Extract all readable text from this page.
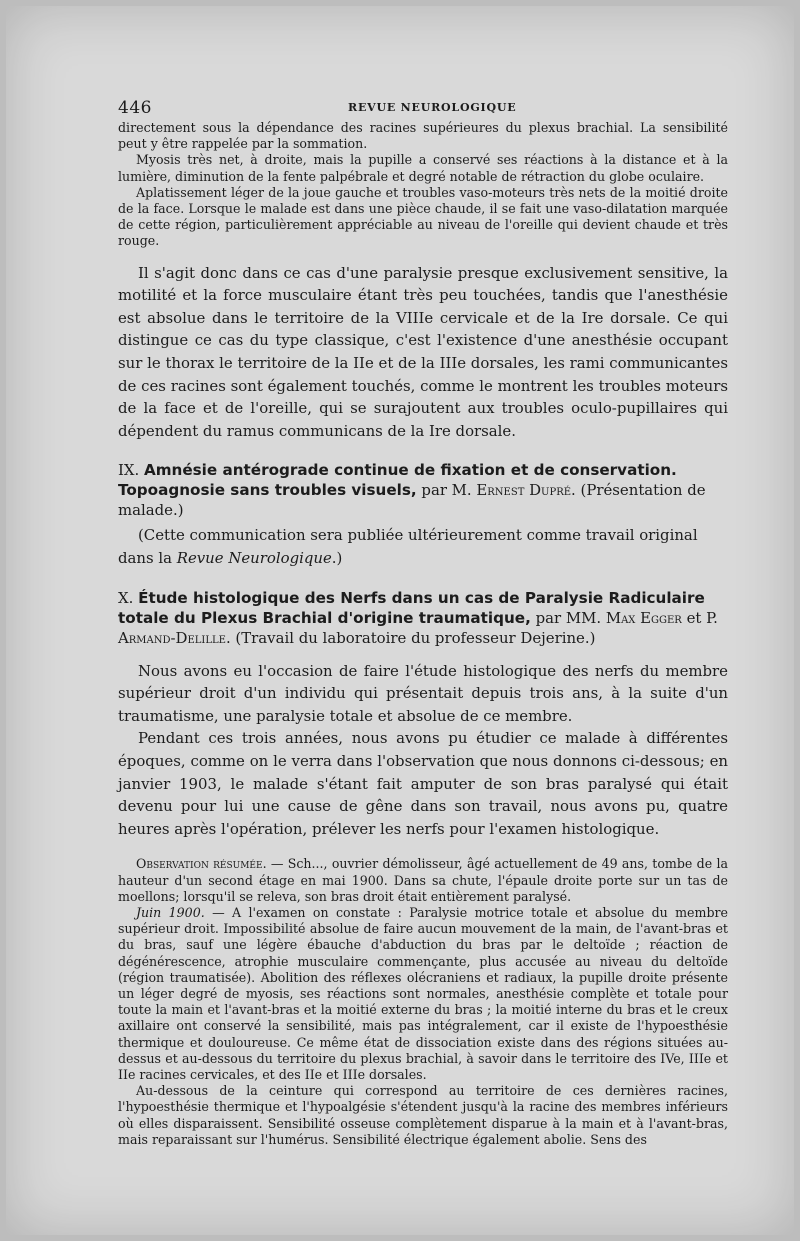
446	REVUE NEUROLOGIQUE

directement sous la dépendance des racines supérieures du plexus brachial. La sensibilité peut y être rappelée par la sommation.

Myosis très net, à droite, mais la pupille a conservé ses réactions à la distance et à la lumière, diminution de la fente palpébrale et degré notable de rétraction du globe oculaire.

Aplatissement léger de la joue gauche et troubles vaso-moteurs très nets de la moitié droite de la face. Lorsque le malade est dans une pièce chaude, il se fait une vaso-dilatation marquée de cette région, particulièrement appréciable au niveau de l'oreille qui devient chaude et très rouge.

Il s'agit donc dans ce cas d'une paralysie presque exclusivement sensitive, la motilité et la force musculaire étant très peu touchées, tandis que l'anesthésie est absolue dans le territoire de la VIIIe cervicale et de la Ire dorsale. Ce qui distingue ce cas du type classique, c'est l'existence d'une anesthésie occupant sur le thorax le territoire de la IIe et de la IIIe dorsales, les rami communicantes de ces racines sont également touchés, comme le montrent les troubles moteurs de la face et de l'oreille, qui se surajoutent aux troubles oculo-pupillaires qui dépendent du ramus communicans de la Ire dorsale.

IX. Amnésie antérograde continue de fixation et de conservation. Topoagnosie sans troubles visuels, par M. Ernest Dupré. (Présentation de malade.)

(Cette communication sera publiée ultérieurement comme travail original dans la Revue Neurologique.)

X. Étude histologique des Nerfs dans un cas de Paralysie Radiculaire totale du Plexus Brachial d'origine traumatique, par MM. Max Egger et P. Armand-Delille. (Travail du laboratoire du professeur Dejerine.)

Nous avons eu l'occasion de faire l'étude histologique des nerfs du membre supérieur droit d'un individu qui présentait depuis trois ans, à la suite d'un traumatisme, une paralysie totale et absolue de ce membre.

Pendant ces trois années, nous avons pu étudier ce malade à différentes époques, comme on le verra dans l'observation que nous donnons ci-dessous; en janvier 1903, le malade s'étant fait amputer de son bras paralysé qui était devenu pour lui une cause de gêne dans son travail, nous avons pu, quatre heures après l'opération, prélever les nerfs pour l'examen histologique.

Observation résumée. — Sch..., ouvrier démolisseur, âgé actuellement de 49 ans, tombe de la hauteur d'un second étage en mai 1900. Dans sa chute, l'épaule droite porte sur un tas de moellons; lorsqu'il se releva, son bras droit était entièrement paralysé.

Juin 1900. — A l'examen on constate : Paralysie motrice totale et absolue du membre supérieur droit. Impossibilité absolue de faire aucun mouvement de la main, de l'avant-bras et du bras, sauf une légère ébauche d'abduction du bras par le deltoïde ; réaction de dégénérescence, atrophie musculaire commençante, plus accusée au niveau du deltoïde (région traumatisée). Abolition des réflexes olécraniens et radiaux, la pupille droite présente un léger degré de myosis, ses réactions sont normales, anesthésie complète et totale pour toute la main et l'avant-bras et la moitié externe du bras ; la moitié interne du bras et le creux axillaire ont conservé la sensibilité, mais pas intégralement, car il existe de l'hypoesthésie thermique et douloureuse. Ce même état de dissociation existe dans des régions situées au-dessus et au-dessous du territoire du plexus brachial, à savoir dans le territoire des IVe, IIIe et IIe racines cervicales, et des IIe et IIIe dorsales.

Au-dessous de la ceinture qui correspond au territoire de ces dernières racines, l'hypoesthésie thermique et l'hypoalgésie s'étendent jusqu'à la racine des membres inférieurs où elles disparaissent. Sensibilité osseuse complètement disparue à la main et à l'avant-bras, mais reparaissant sur l'humérus. Sensibilité électrique également abolie. Sens des
